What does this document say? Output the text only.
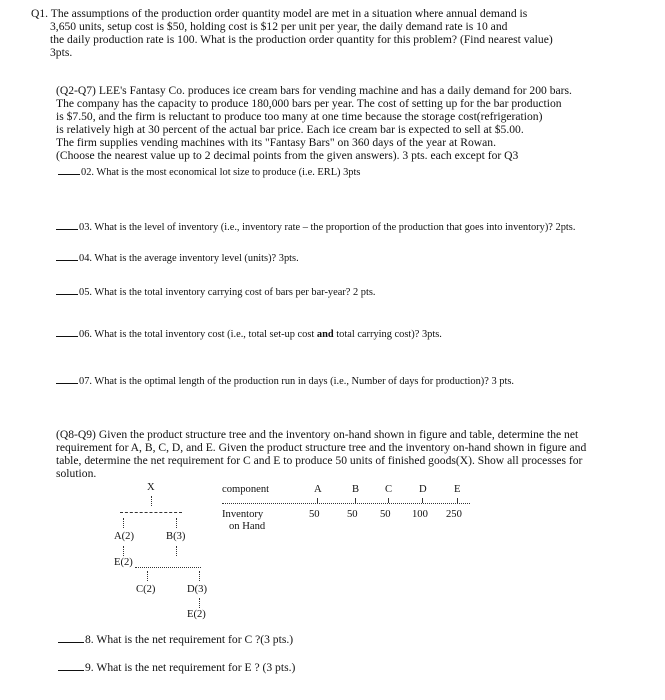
Q1. The assumptions of the production order quantity model are met in a situation where annual demand is
3,650 units, setup cost is $50, holding cost is $12 per unit per year, the daily demand rate is 10 and
the daily production rate is 100. What is the production order quantity for this problem? (Find nearest value)
3pts.
(Q2-Q7) LEE's Fantasy Co. produces ice cream bars for vending machine and has a daily demand for 200 bars.
The company has the capacity to produce 180,000 bars per year. The cost of setting up for the bar production
is $7.50, and the firm is reluctant to produce too many at one time because the storage cost(refrigeration)
is relatively high at 30 percent of the actual bar price. Each ice cream bar is expected to sell at $5.00.
The firm supplies vending machines with its "Fantasy Bars" on 360 days of the year at Rowan.
(Choose the nearest value up to 2 decimal points from the given answers). 3 pts. each except for Q3
02. What is the most economical lot size to produce (i.e. ERL) 3pts
03. What is the level of inventory (i.e., inventory rate – the proportion of the production that goes into inventory)? 2pts.
04. What is the average inventory level (units)? 3pts.
05. What is the total inventory carrying cost of bars per bar-year? 2 pts.
06. What is the total inventory cost (i.e., total set-up cost and total carrying cost)? 3pts.
07. What is the optimal length of the production run in days (i.e., Number of days for production)? 3 pts.
(Q8-Q9) Given the product structure tree and the inventory on-hand shown in figure and table, determine the net
requirement for A, B, C, D, and E. Given the product structure tree and the inventory on-hand shown in figure and
table, determine the net requirement for C and E to produce 50 units of finished goods(X). Show all processes for
solution.
X
A(2)	B(3)
E(2)
C(2)	D(3)
E(2)
component	A	B C	D	E
Inventory
on Hand
50	50 50 100 250
8. What is the net requirement for C ?(3 pts.)
9. What is the net requirement for E ? (3 pts.)
